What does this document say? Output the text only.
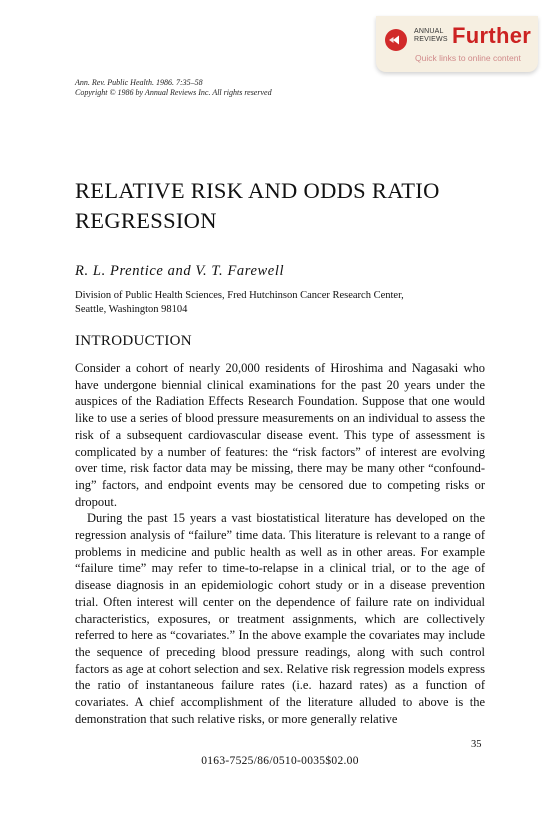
ANNUAL
REVIEWS Further
Quick links to online content
Ann. Rev. Public Health. 1986. 7:35–58
Copyright © 1986 by Annual Reviews Inc. All rights reserved
RELATIVE RISK AND ODDS RATIO
REGRESSION
R. L. Prentice and V. T. Farewell
Division of Public Health Sciences, Fred Hutchinson Cancer Research Center,
Seattle, Washington 98104
INTRODUCTION

Consider a cohort of nearly 20,000 residents of Hiroshima and Nagasaki who have undergone biennial clinical examinations for the past 20 years under the auspices of the Radiation Effects Research Foundation. Suppose that one would like to use a series of blood pressure measurements on an individual to assess the risk of a subsequent cardiovascular disease event. This type of assessment is complicated by a number of features: the “risk factors” of interest are evolving over time, risk factor data may be missing, there may be many other “confound-ing” factors, and endpoint events may be censored due to competing risks or dropout.

During the past 15 years a vast biostatistical literature has developed on the regression analysis of “failure” time data. This literature is relevant to a range of problems in medicine and public health as well as in other areas. For example “failure time” may refer to time-to-relapse in a clinical trial, or to the age of disease diagnosis in an epidemiologic cohort study or in a disease prevention trial. Often interest will center on the dependence of failure rate on individual characteristics, exposures, or treatment assignments, which are collectively referred to here as “covariates.” In the above example the covariates may include the sequence of preceding blood pressure readings, along with such control factors as age at cohort selection and sex. Relative risk regression models express the ratio of instantaneous failure rates (i.e. hazard rates) as a function of covariates. A chief accomplishment of the literature alluded to above is the demonstration that such relative risks, or more generally relative

35
0163-7525/86/0510-0035$02.00
